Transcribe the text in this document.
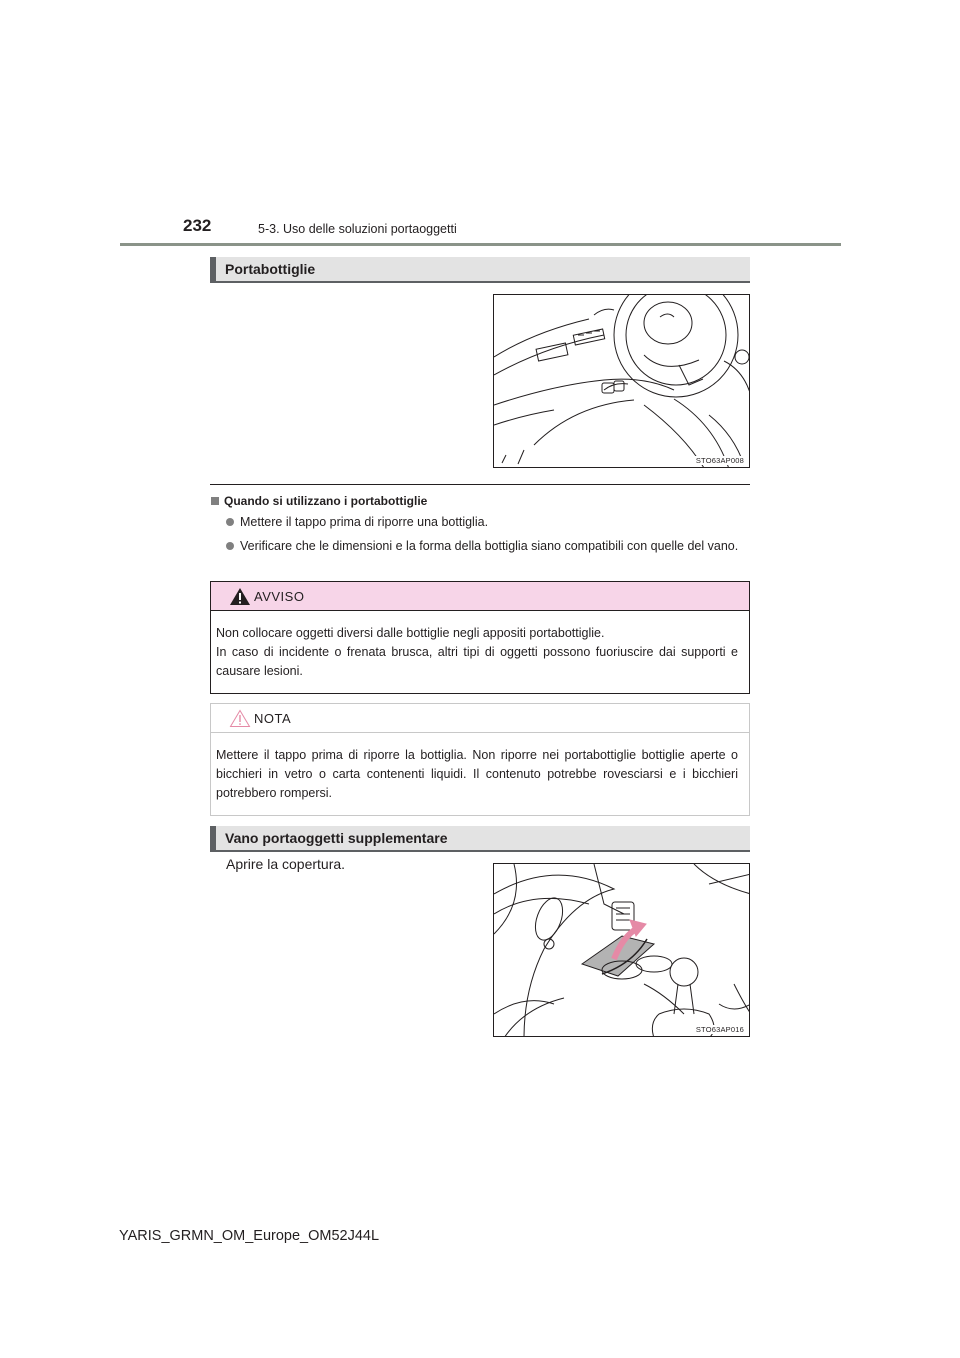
232	5-3. Uso delle soluzioni portaoggetti
Portabottiglie
STO63AP008
Quando si utilizzano i portabottiglie
Mettere il tappo prima di riporre una bottiglia.
Verificare che le dimensioni e la forma della bottiglia siano compatibili con quelle del vano.
AVVISO

Non collocare oggetti diversi dalle bottiglie negli appositi portabottiglie.

In caso di incidente o frenata brusca, altri tipi di oggetti possono fuoriuscire dai supporti e causare lesioni.

NOTA
Mettere il tappo prima di riporre la bottiglia. Non riporre nei portabottiglie bottiglie aperte o bicchieri in vetro o carta contenenti liquidi. Il contenuto potrebbe rovesciarsi e i bicchieri potrebbero rompersi.
Vano portaoggetti supplementare
Aprire la copertura.
STO63AP016
YARIS_GRMN_OM_Europe_OM52J44L
